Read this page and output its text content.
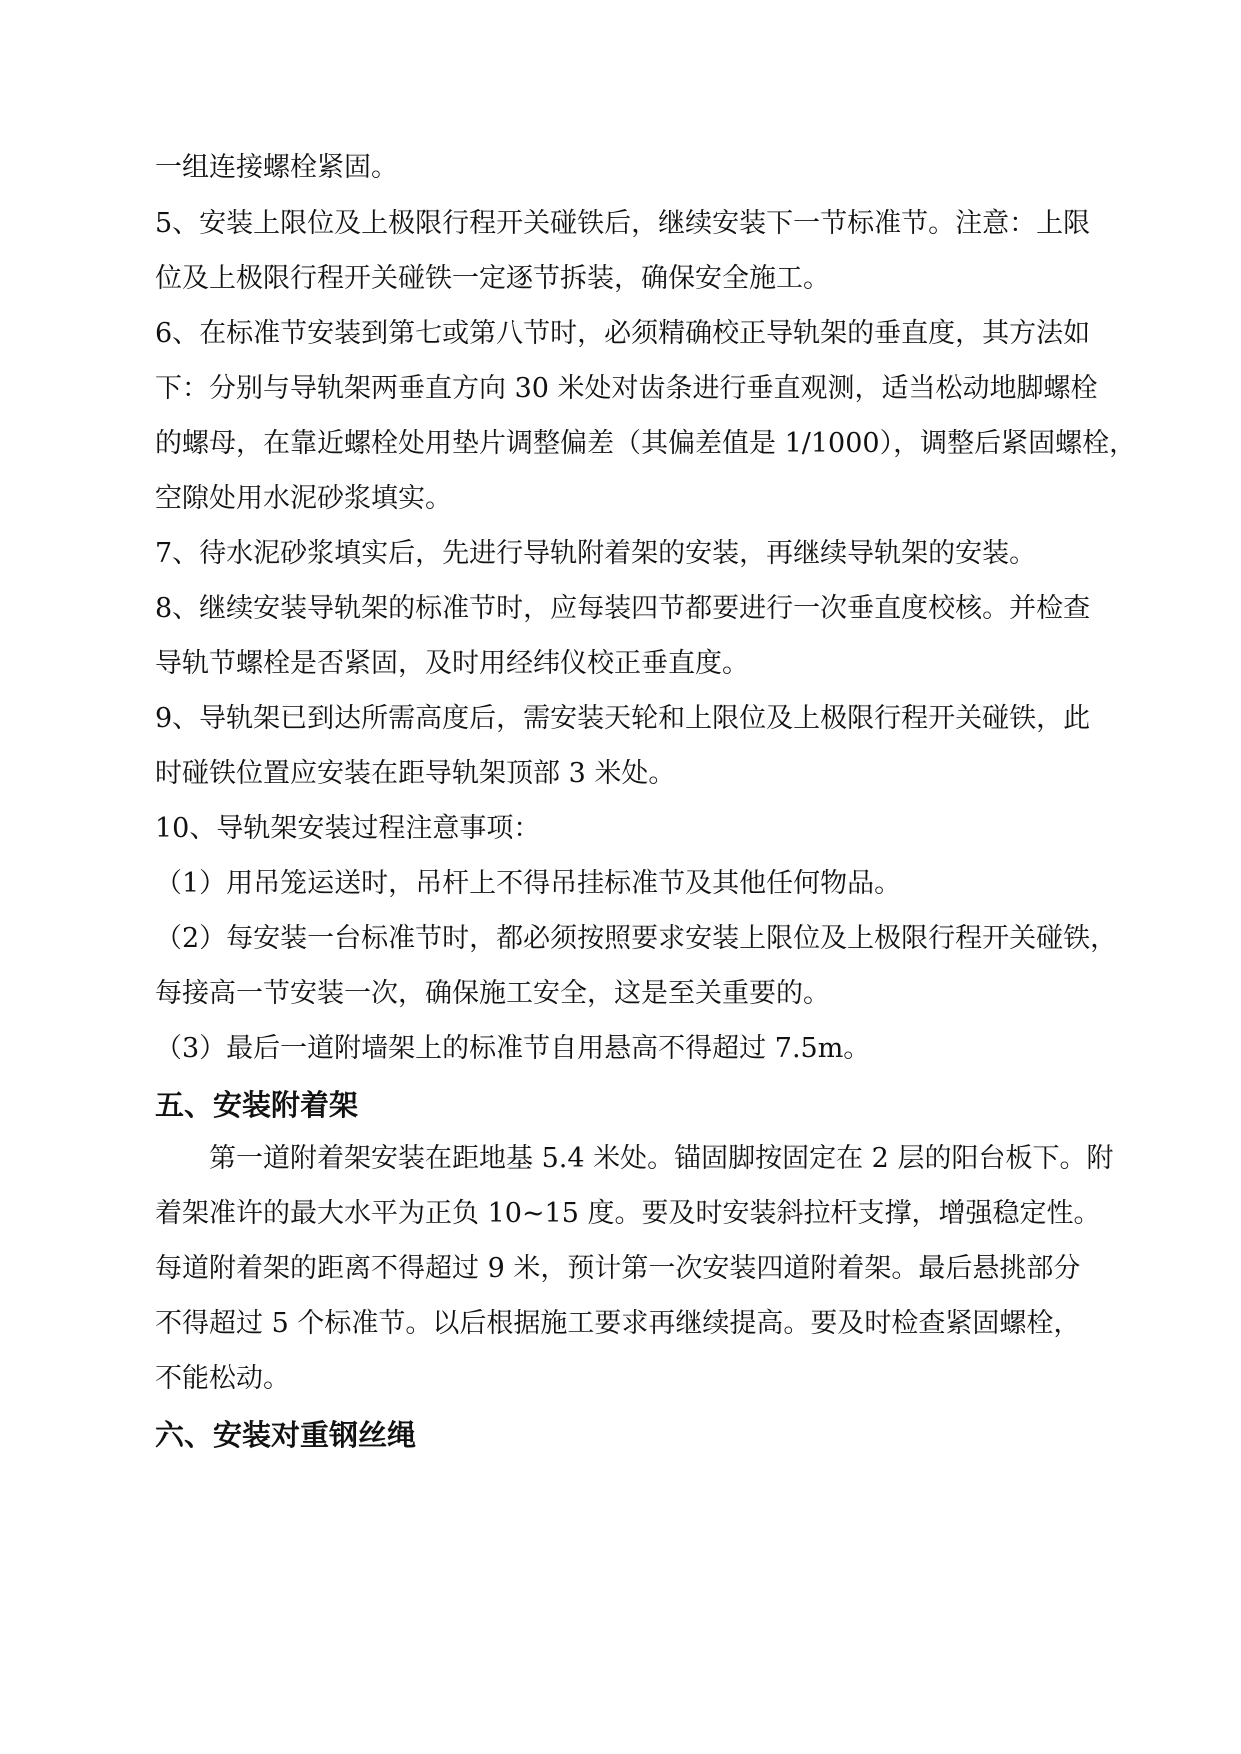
一组连接螺栓紧固。
5、安装上限位及上极限行程开关碰铁后，继续安装下一节标准节。注意：上限
位及上极限行程开关碰铁一定逐节拆装，确保安全施工。
6、在标准节安装到第七或第八节时，必须精确校正导轨架的垂直度，其方法如
下：分别与导轨架两垂直方向 30 米处对齿条进行垂直观测，适当松动地脚螺栓
的螺母，在靠近螺栓处用垫片调整偏差（其偏差值是 1/1000），调整后紧固螺栓，
空隙处用水泥砂浆填实。
7、待水泥砂浆填实后，先进行导轨附着架的安装，再继续导轨架的安装。
8、继续安装导轨架的标准节时，应每装四节都要进行一次垂直度校核。并检查
导轨节螺栓是否紧固，及时用经纬仪校正垂直度。
9、导轨架已到达所需高度后，需安装天轮和上限位及上极限行程开关碰铁，此
时碰铁位置应安装在距导轨架顶部 3 米处。
10、导轨架安装过程注意事项：
（1）用吊笼运送时，吊杆上不得吊挂标准节及其他任何物品。
（2）每安装一台标准节时，都必须按照要求安装上限位及上极限行程开关碰铁，
每接高一节安装一次，确保施工安全，这是至关重要的。
（3）最后一道附墙架上的标准节自用悬高不得超过 7.5m。
五、安装附着架
　　第一道附着架安装在距地基 5.4 米处。锚固脚按固定在 2 层的阳台板下。附
着架准许的最大水平为正负 10~15 度。要及时安装斜拉杆支撑，增强稳定性。
每道附着架的距离不得超过 9 米，预计第一次安装四道附着架。最后悬挑部分
不得超过 5 个标准节。以后根据施工要求再继续提高。要及时检查紧固螺栓，
不能松动。
六、安装对重钢丝绳
